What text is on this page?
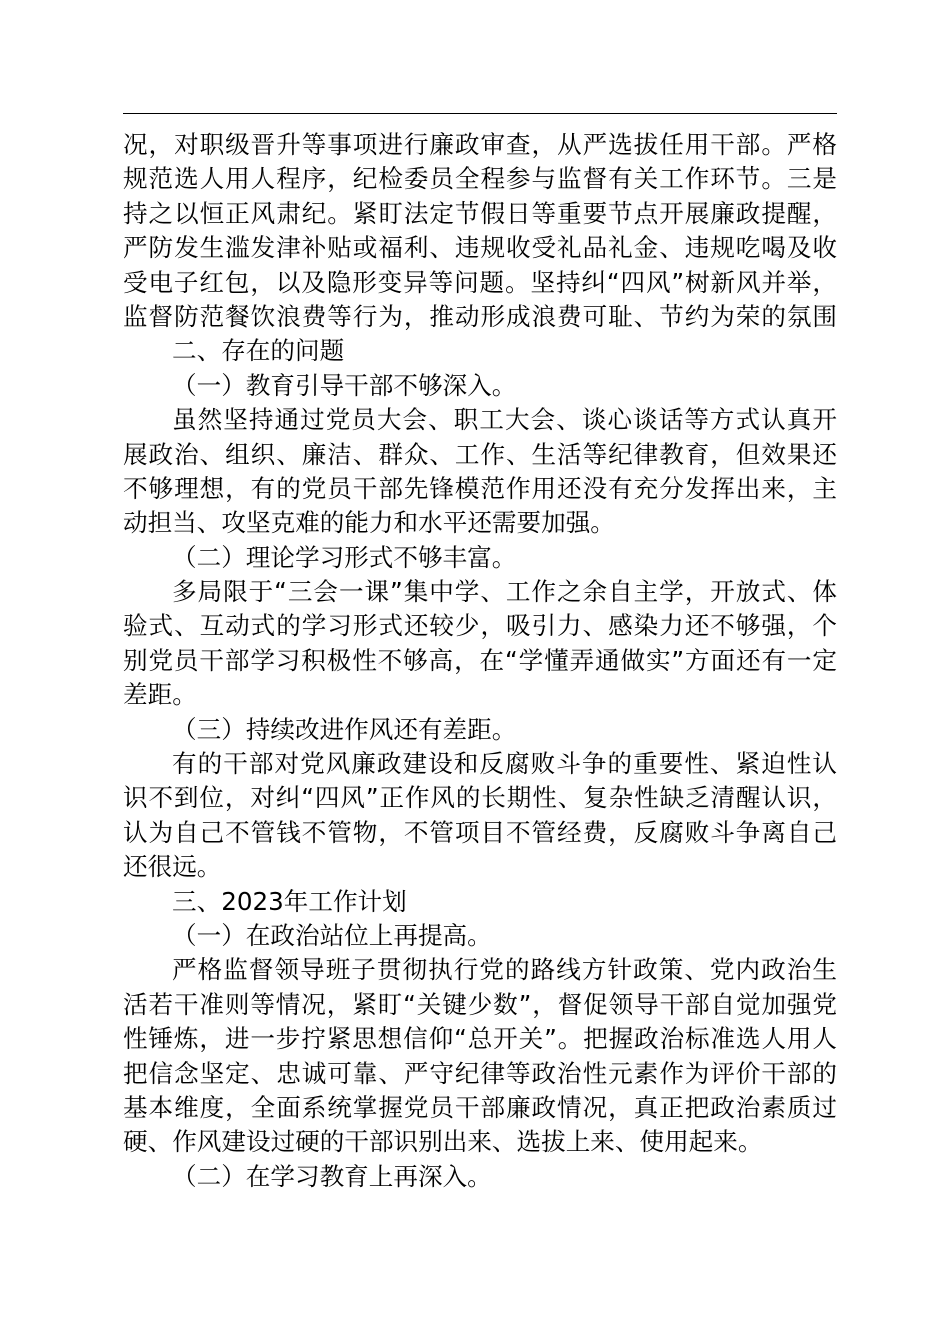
况，对职级晋升等事项进行廉政审查，从严选拔任用干部。严格
规范选人用人程序，纪检委员全程参与监督有关工作环节。三是
持之以恒正风肃纪。紧盯法定节假日等重要节点开展廉政提醒，
严防发生滥发津补贴或福利、违规收受礼品礼金、违规吃喝及收
受电子红包，以及隐形变异等问题。坚持纠“四风”树新风并举，
监督防范餐饮浪费等行为，推动形成浪费可耻、节约为荣的氛围
二、存在的问题
（一）教育引导干部不够深入。
虽然坚持通过党员大会、职工大会、谈心谈话等方式认真开
展政治、组织、廉洁、群众、工作、生活等纪律教育，但效果还
不够理想，有的党员干部先锋模范作用还没有充分发挥出来，主
动担当、攻坚克难的能力和水平还需要加强。
（二）理论学习形式不够丰富。
多局限于“三会一课”集中学、工作之余自主学，开放式、体
验式、互动式的学习形式还较少，吸引力、感染力还不够强，个
别党员干部学习积极性不够高，在“学懂弄通做实”方面还有一定
差距。
（三）持续改进作风还有差距。
有的干部对党风廉政建设和反腐败斗争的重要性、紧迫性认
识不到位，对纠“四风”正作风的长期性、复杂性缺乏清醒认识，
认为自己不管钱不管物，不管项目不管经费，反腐败斗争离自己
还很远。
三、2023年工作计划
（一）在政治站位上再提高。
严格监督领导班子贯彻执行党的路线方针政策、党内政治生
活若干准则等情况，紧盯“关键少数”，督促领导干部自觉加强党
性锤炼，进一步拧紧思想信仰“总开关”。把握政治标准选人用人
把信念坚定、忠诚可靠、严守纪律等政治性元素作为评价干部的
基本维度，全面系统掌握党员干部廉政情况，真正把政治素质过
硬、作风建设过硬的干部识别出来、选拔上来、使用起来。
（二）在学习教育上再深入。
